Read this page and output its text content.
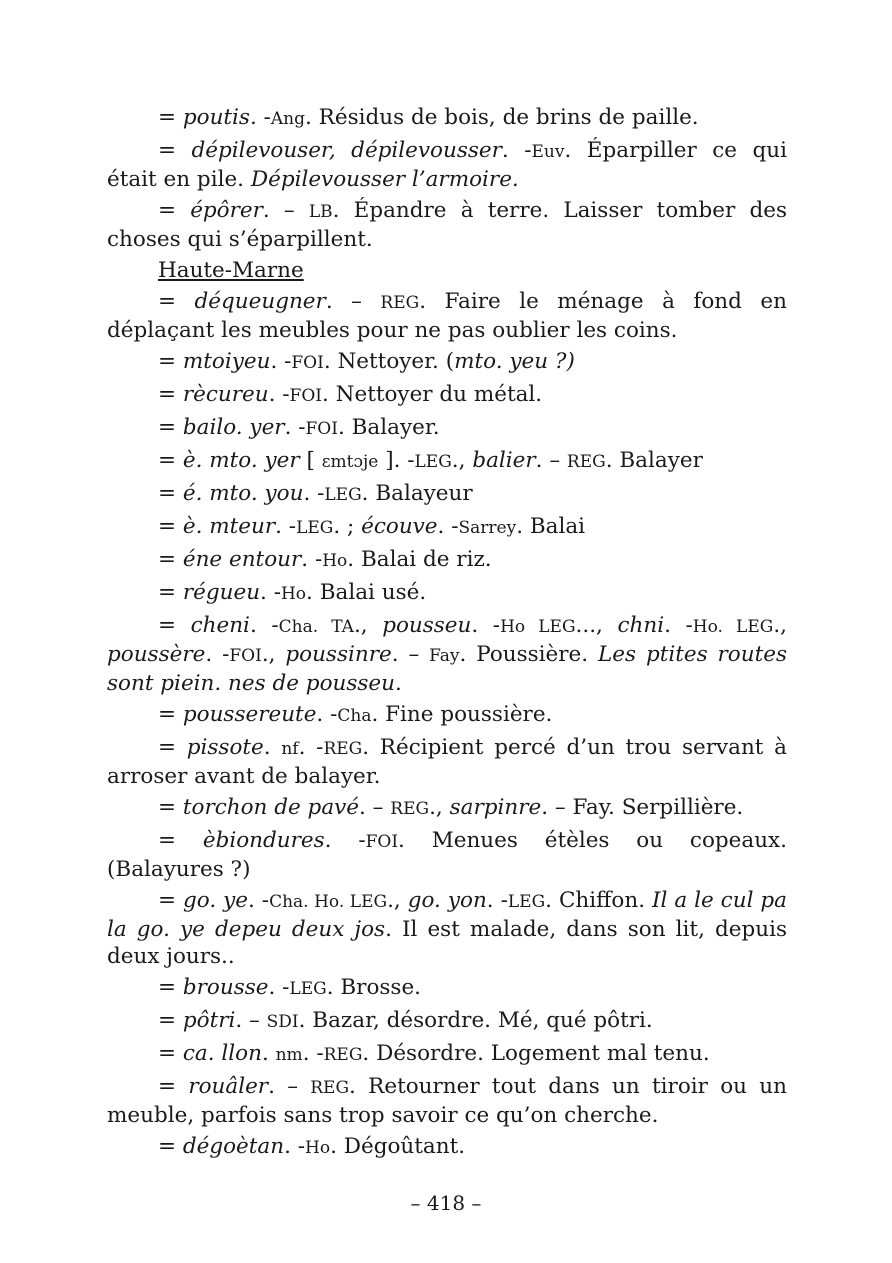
= poutis. -Ang. Résidus de bois, de brins de paille.
= dépilevouser, dépilevousser. -Euv. Éparpiller ce qui était en pile. Dépilevousser l’armoire.
= épôrer. – LB. Épandre à terre. Laisser tomber des choses qui s’éparpillent.
Haute-Marne
= déqueugner. – REG. Faire le ménage à fond en déplaçant les meubles pour ne pas oublier les coins.
= mtoiyeu. -FOI. Nettoyer. (mto. yeu ?)
= rècureu. -FOI. Nettoyer du métal.
= bailo. yer. -FOI. Balayer.
= è. mto. yer [ ɛmtɔje ]. -LEG., balier. – REG. Balayer
= é. mto. you. -LEG. Balayeur
= è. mteur. -LEG. ; écouve. -Sarrey. Balai
= éne entour. -Ho. Balai de riz.
= régueu. -Ho. Balai usé.
= cheni. -Cha. TA., pousseu. -Ho LEG..., chni. -Ho. LEG., poussère. -FOI., poussinre. – Fay. Poussière. Les ptites routes sont piein. nes de pousseu.
= poussereute. -Cha. Fine poussière.
= pissote. nf. -REG. Récipient percé d’un trou servant à arroser avant de balayer.
= torchon de pavé. – REG., sarpinre. – Fay. Serpillière.
= èbiondures. -FOI. Menues étèles ou copeaux. (Balayures ?)
= go. ye. -Cha. Ho. LEG., go. yon. -LEG. Chiffon. Il a le cul pa la go. ye depeu deux jos. Il est malade, dans son lit, depuis deux jours..
= brousse. -LEG. Brosse.
= pôtri. – SDI. Bazar, désordre. Mé, qué pôtri.
= ca. llon. nm. -REG. Désordre. Logement mal tenu.
= rouâler. – REG. Retourner tout dans un tiroir ou un meuble, parfois sans trop savoir ce qu’on cherche.
= dégoètan. -Ho. Dégoûtant.
– 418 –
